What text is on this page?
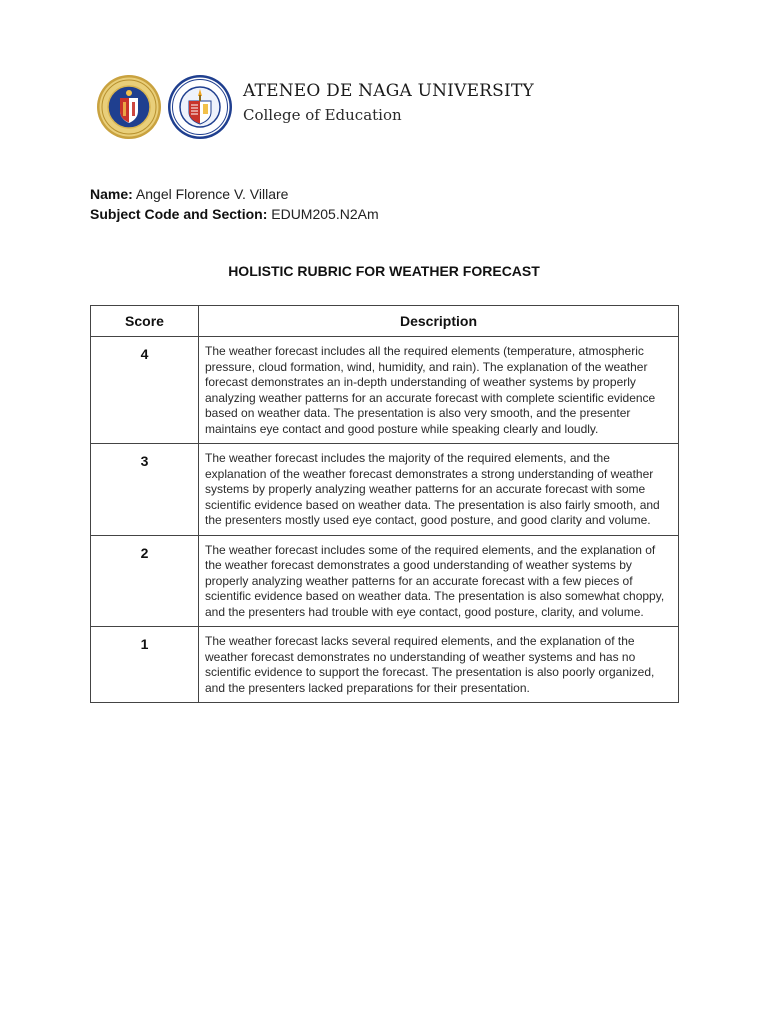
ATENEO DE NAGA UNIVERSITY
College of Education
Name: Angel Florence V. Villare
Subject Code and Section: EDUM205.N2Am
HOLISTIC RUBRIC FOR WEATHER FORECAST
Score	Description
4	The weather forecast includes all the required elements (temperature, atmospheric pressure, cloud formation, wind, humidity, and rain). The explanation of the weather forecast demonstrates an in-depth understanding of weather systems by properly analyzing weather patterns for an accurate forecast with complete scientific evidence based on weather data. The presentation is also very smooth, and the presenter maintains eye contact and good posture while speaking clearly and loudly.
3	The weather forecast includes the majority of the required elements, and the explanation of the weather forecast demonstrates a strong understanding of weather systems by properly analyzing weather patterns for an accurate forecast with some scientific evidence based on weather data. The presentation is also fairly smooth, and the presenters mostly used eye contact, good posture, and good clarity and volume.
2	The weather forecast includes some of the required elements, and the explanation of the weather forecast demonstrates a good understanding of weather systems by properly analyzing weather patterns for an accurate forecast with a few pieces of scientific evidence based on weather data. The presentation is also somewhat choppy, and the presenters had trouble with eye contact, good posture, clarity, and volume.
1	The weather forecast lacks several required elements, and the explanation of the weather forecast demonstrates no understanding of weather systems and has no scientific evidence to support the forecast. The presentation is also poorly organized, and the presenters lacked preparations for their presentation.
